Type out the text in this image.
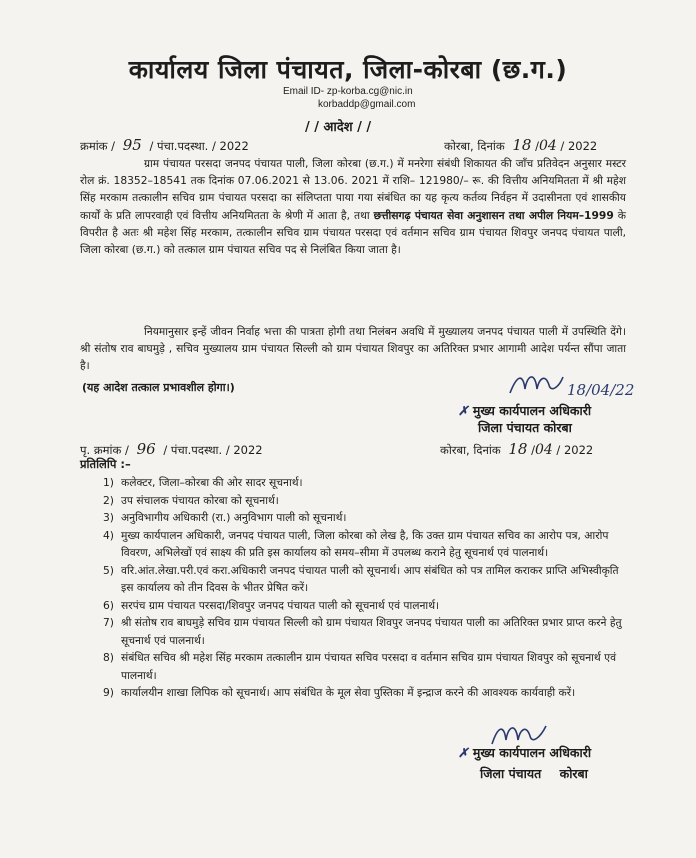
कार्यालय जिला पंचायत, जिला-कोरबा (छ.ग.)
Email ID- zp-korba.cg@nic.in
korbaddp@gmail.com
/ / आदेश / /
क्रमांक / 95 / पंचा.पदस्था. / 2022	कोरबा, दिनांक 18 /04 / 2022
ग्राम पंचायत परसदा जनपद पंचायत पाली, जिला कोरबा (छ.ग.) में मनरेगा संबंधी शिकायत की जाँच प्रतिवेदन अनुसार मस्टर रोल क्रं. 18352–18541 तक दिनांक 07.06.2021 से 13.06. 2021 में राशि– 121980/– रू. की वित्तीय अनियमितता में श्री महेश सिंह मरकाम तत्कालीन सचिव ग्राम पंचायत परसदा का संलिप्तता पाया गया संबंधित का यह कृत्य कर्तव्य निर्वहन में उदासीनता एवं शासकीय कार्यों के प्रति लापरवाही एवं वित्तीय अनियमितता के श्रेणी में आता है, तथा छत्तीसगढ़ पंचायत सेवा अनुशासन तथा अपील नियम–1999 के विपरीत है अतः श्री महेश सिंह मरकाम, तत्कालीन सचिव ग्राम पंचायत परसदा एवं वर्तमान सचिव ग्राम पंचायत शिवपुर जनपद पंचायत पाली, जिला कोरबा (छ.ग.) को तत्काल ग्राम पंचायत सचिव पद से निलंबित किया जाता है।
नियमानुसार इन्हें जीवन निर्वाह भत्ता की पात्रता होगी तथा निलंबन अवधि में मुख्यालय जनपद पंचायत पाली में उपस्थिति देंगे। श्री संतोष राव बाघमुड़े , सचिव मुख्यालय ग्राम पंचायत सिल्ली को ग्राम पंचायत शिवपुर का अतिरिक्त प्रभार आगामी आदेश पर्यन्त सौंपा जाता है।
(यह आदेश तत्काल प्रभावशील होगा।)	18/04/22
✗ मुख्य कार्यपालन अधिकारी
जिला पंचायत कोरबा
पृ. क्रमांक / 96 / पंचा.पदस्था. / 2022	कोरबा, दिनांक 18 /04 / 2022
प्रतिलिपि :–
1) कलेक्टर, जिला–कोरबा की ओर सादर सूचनार्थ।
2) उप संचालक पंचायत कोरबा को सूचनार्थ।
3) अनुविभागीय अधिकारी (रा.) अनुविभाग पाली को सूचनार्थ।
4) मुख्य कार्यपालन अधिकारी, जनपद पंचायत पाली, जिला कोरबा को लेख है, कि उक्त ग्राम पंचायत सचिव का आरोप पत्र, आरोप विवरण, अभिलेखों एवं साक्ष्य की प्रति इस कार्यालय को समय–सीमा में उपलब्ध कराने हेतु सूचनार्थ एवं पालनार्थ।
5) वरि.आंत.लेखा.परी.एवं करा.अधिकारी जनपद पंचायत पाली को सूचनार्थ। आप संबंधित को पत्र तामिल कराकर प्राप्ति अभिस्वीकृति इस कार्यालय को तीन दिवस के भीतर प्रेषित करें।
6) सरपंच ग्राम पंचायत परसदा/शिवपुर जनपद पंचायत पाली को सूचनार्थ एवं पालनार्थ।
7) श्री संतोष राव बाघमुड़े सचिव ग्राम पंचायत सिल्ली को ग्राम पंचायत शिवपुर जनपद पंचायत पाली का अतिरिक्त प्रभार प्राप्त करने हेतु सूचनार्थ एवं पालनार्थ।
8) संबंधित सचिव श्री महेश सिंह मरकाम तत्कालीन ग्राम पंचायत सचिव परसदा व वर्तमान सचिव ग्राम पंचायत शिवपुर को सूचनार्थ एवं पालनार्थ।
9) कार्यालयीन शाखा लिपिक को सूचनार्थ। आप संबंधित के मूल सेवा पुस्तिका में इन्द्राज करने की आवश्यक कार्यवाही करें।
✗ मुख्य कार्यपालन अधिकारी
जिला पंचायत कोरबा
